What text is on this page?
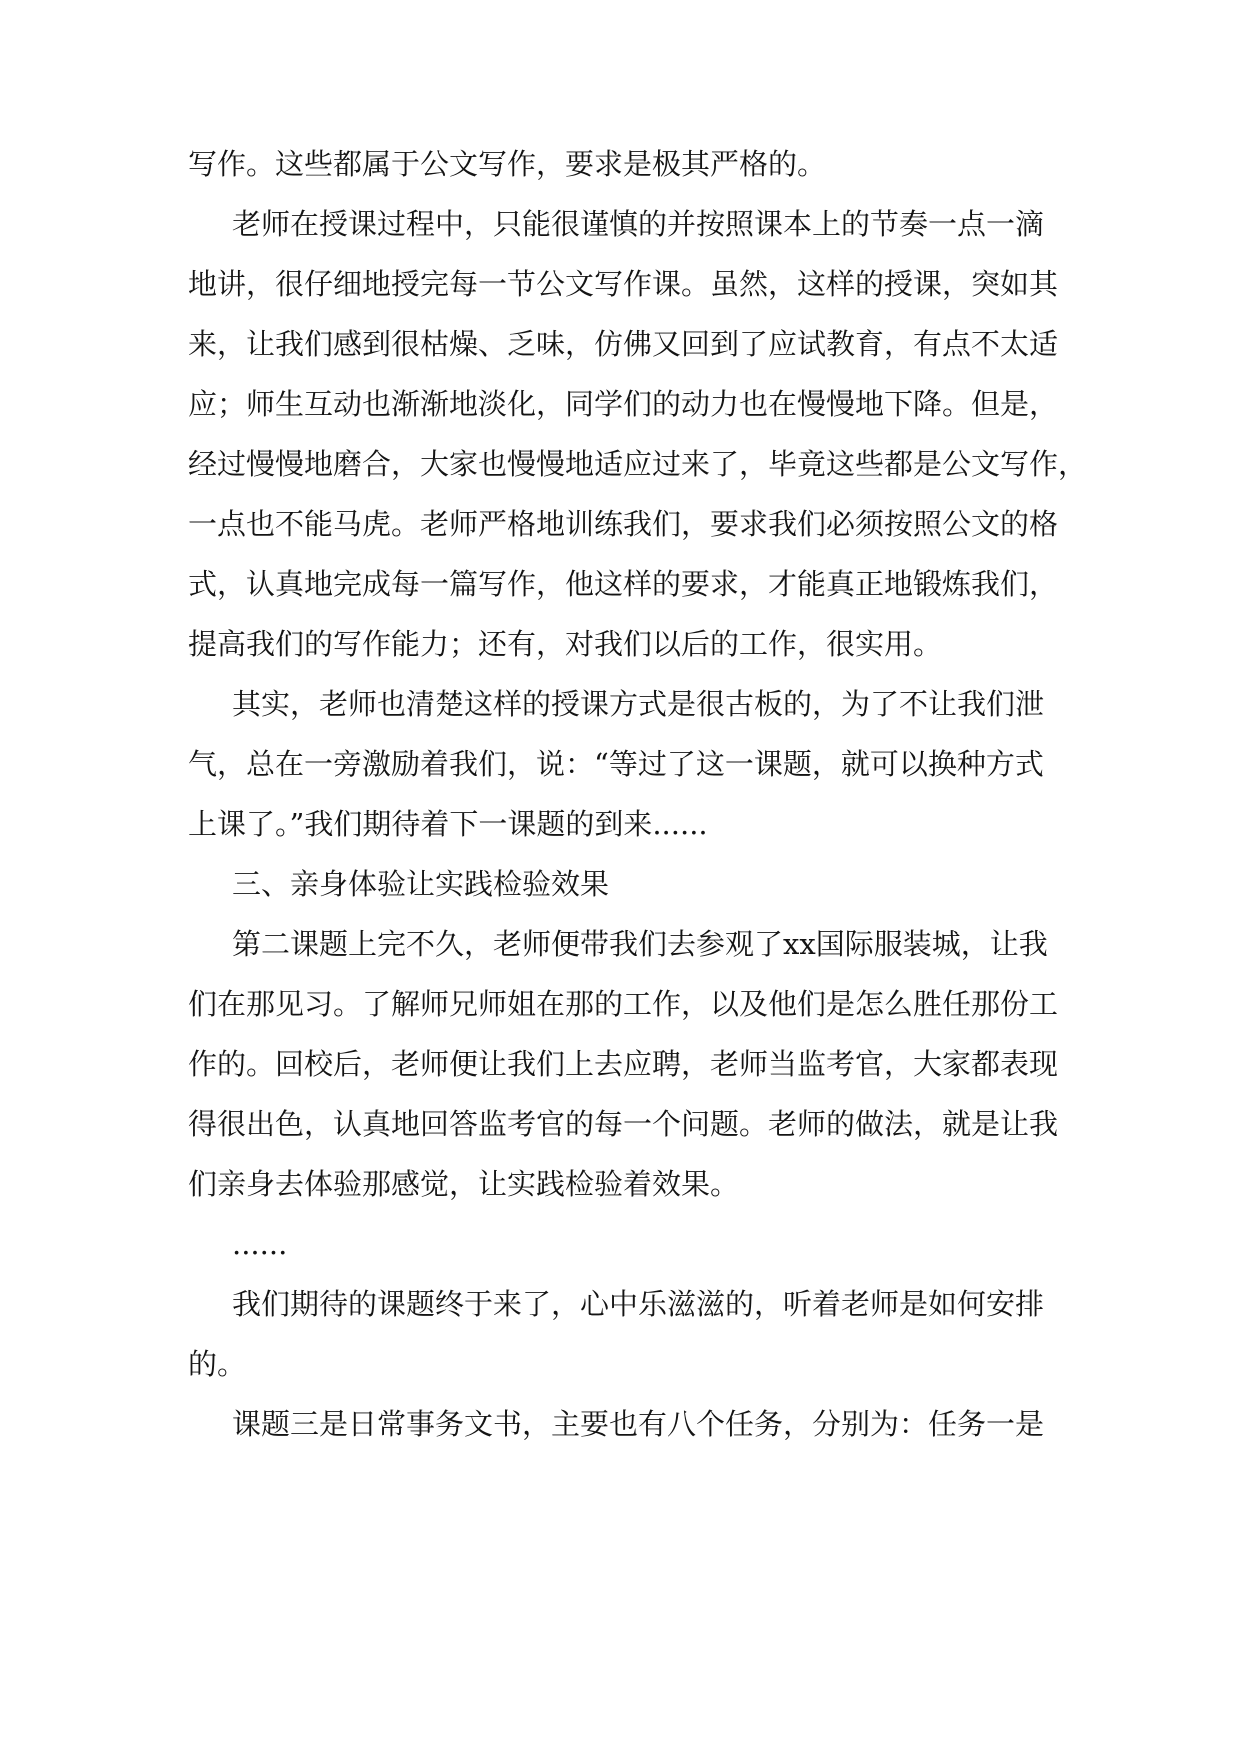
写作。这些都属于公文写作，要求是极其严格的。
老师在授课过程中，只能很谨慎的并按照课本上的节奏一点一滴
地讲，很仔细地授完每一节公文写作课。虽然，这样的授课，突如其
来，让我们感到很枯燥、乏味，仿佛又回到了应试教育，有点不太适
应；师生互动也渐渐地淡化，同学们的动力也在慢慢地下降。但是，
经过慢慢地磨合，大家也慢慢地适应过来了，毕竟这些都是公文写作，
一点也不能马虎。老师严格地训练我们，要求我们必须按照公文的格
式，认真地完成每一篇写作，他这样的要求，才能真正地锻炼我们，
提高我们的写作能力；还有，对我们以后的工作，很实用。
其实，老师也清楚这样的授课方式是很古板的，为了不让我们泄
气，总在一旁激励着我们，说：“等过了这一课题，就可以换种方式
上课了。”我们期待着下一课题的到来......
三、亲身体验让实践检验效果
第二课题上完不久，老师便带我们去参观了xx国际服装城，让我
们在那见习。了解师兄师姐在那的工作，以及他们是怎么胜任那份工
作的。回校后，老师便让我们上去应聘，老师当监考官，大家都表现
得很出色，认真地回答监考官的每一个问题。老师的做法，就是让我
们亲身去体验那感觉，让实践检验着效果。
......
我们期待的课题终于来了，心中乐滋滋的，听着老师是如何安排
的。
课题三是日常事务文书，主要也有八个任务，分别为：任务一是
